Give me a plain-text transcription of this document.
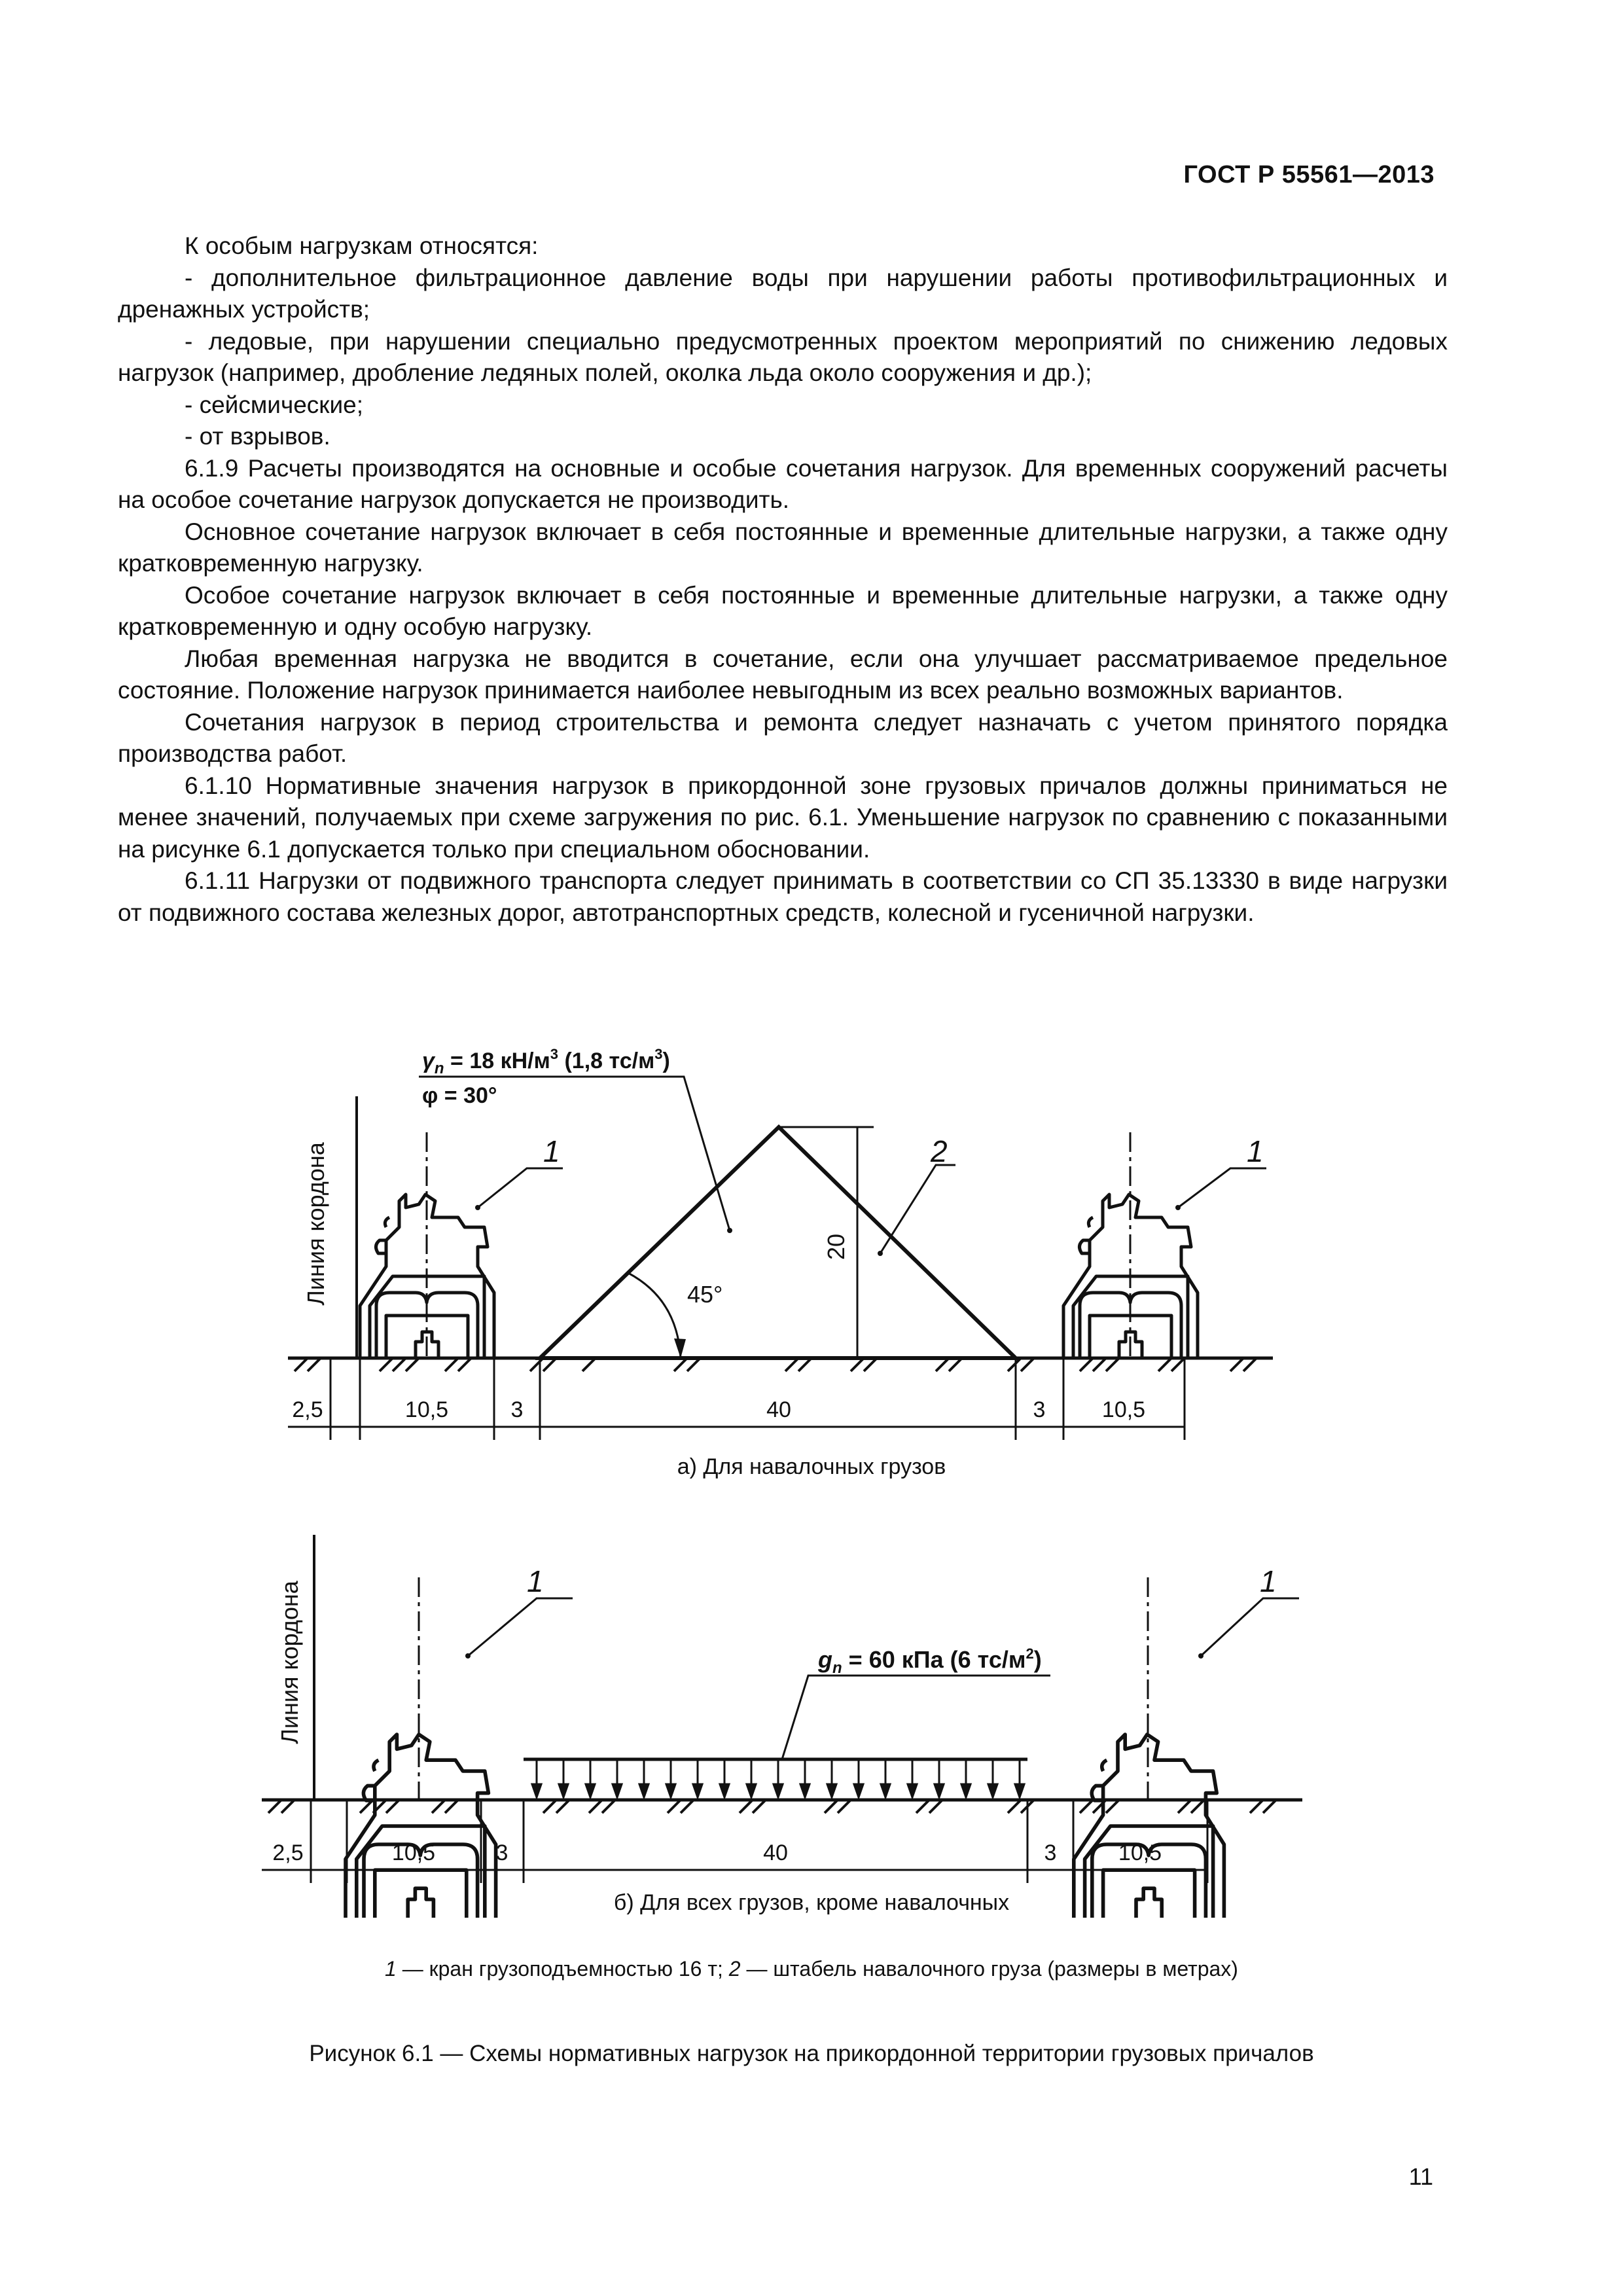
ГОСТ Р 55561—2013

К особым нагрузкам относятся:

- дополнительное фильтрационное давление воды при нарушении работы противофильтрационных и дренажных устройств;

- ледовые, при нарушении специально предусмотренных проектом мероприятий по снижению ледовых нагрузок (например, дробление ледяных полей, околка льда около сооружения и др.);

- сейсмические;

- от взрывов.

6.1.9 Расчеты производятся на основные и особые сочетания нагрузок. Для временных сооружений расчеты на особое сочетание нагрузок допускается не производить.

Основное сочетание нагрузок включает в себя постоянные и временные длительные нагрузки, а также одну кратковременную нагрузку.

Особое сочетание нагрузок включает в себя постоянные и временные длительные нагрузки, а также одну кратковременную и одну особую нагрузку.

Любая временная нагрузка не вводится в сочетание, если она улучшает рассматриваемое предельное состояние. Положение нагрузок принимается наиболее невыгодным из всех реально возможных вариантов.

Сочетания нагрузок в период строительства и ремонта следует назначать с учетом принятого порядка производства работ.

6.1.10 Нормативные значения нагрузок в прикордонной зоне грузовых причалов должны приниматься не менее значений, получаемых при схеме загружения по рис. 6.1. Уменьшение нагрузок по сравнению с показанными на рисунке 6.1 допускается только при специальном обосновании.

6.1.11 Нагрузки от подвижного транспорта следует принимать в соответствии со СП 35.13330 в виде нагрузки от подвижного состава железных дорог, автотранспортных средств, колесной и гусеничной нагрузки.

Линия кордона	1	1
20
45°
2
$\gamma_n = 18$ $кН/м^3$ (1,8 $тс/м^3$)
φ = 30°
2,5	10,5	3	40	3	10,5
Линия кордона	1	1
$g_n = 60$ кПа (6 $тс/м^2$)
2,5	10,5	3	40	3	10,5
а) Для навалочных грузов
б) Для всех грузов, кроме навалочных
1 — кран грузоподъемностью 16 т; 2 — штабель навалочного груза (размеры в метрах)
Рисунок 6.1 — Схемы нормативных нагрузок на прикордонной территории грузовых причалов
11
